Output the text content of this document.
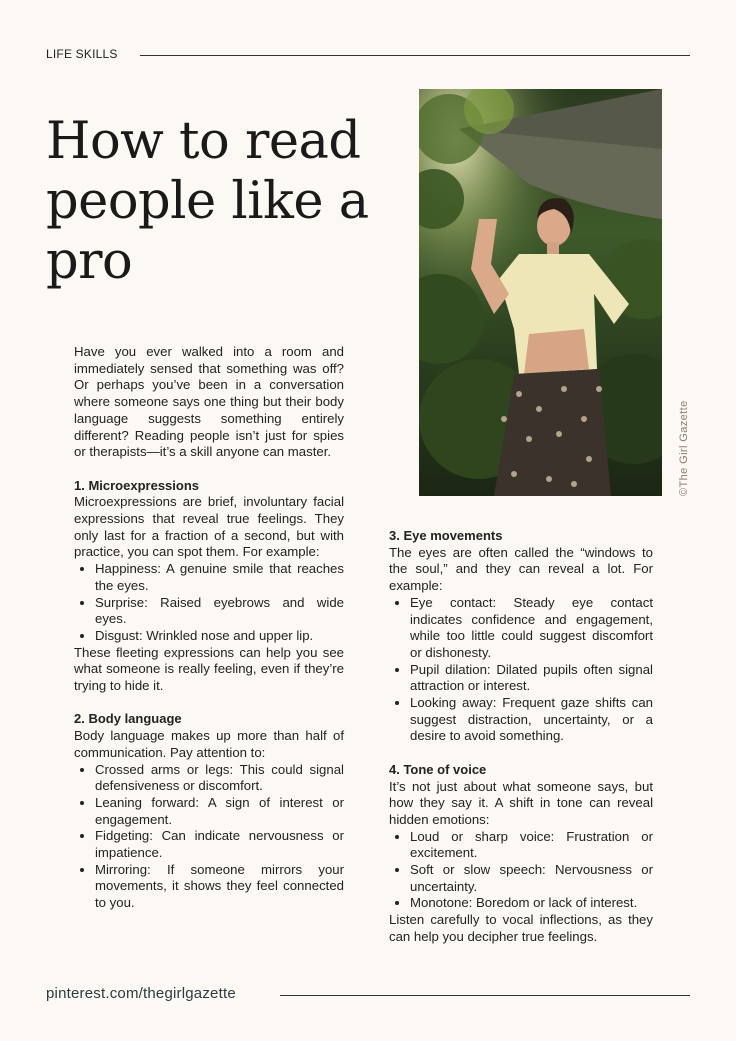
LIFE SKILLS
How to read people like a pro
©The Girl Gazette

Have you ever walked into a room and immediately sensed that something was off? Or perhaps you’ve been in a conversation where someone says one thing but their body language suggests something entirely different? Reading people isn’t just for spies or therapists—it’s a skill anyone can master.

1. Microexpressions

Microexpressions are brief, involuntary facial expressions that reveal true feelings. They only last for a fraction of a second, but with practice, you can spot them. For example:

• Happiness: A genuine smile that reaches the eyes.
• Surprise: Raised eyebrows and wide eyes.
• Disgust: Wrinkled nose and upper lip.

These fleeting expressions can help you see what someone is really feeling, even if they’re trying to hide it.

2. Body language

Body language makes up more than half of communication. Pay attention to:

• Crossed arms or legs: This could signal defensiveness or discomfort.
• Leaning forward: A sign of interest or engagement.
• Fidgeting: Can indicate nervousness or impatience.
• Mirroring: If someone mirrors your movements, it shows they feel connected to you.
3. Eye movements

The eyes are often called the “windows to the soul,” and they can reveal a lot. For example:

• Eye contact: Steady eye contact indicates confidence and engagement, while too little could suggest discomfort or dishonesty.
• Pupil dilation: Dilated pupils often signal attraction or interest.
• Looking away: Frequent gaze shifts can suggest distraction, uncertainty, or a desire to avoid something.
4. Tone of voice

It’s not just about what someone says, but how they say it. A shift in tone can reveal hidden emotions:

• Loud or sharp voice: Frustration or excitement.
• Soft or slow speech: Nervousness or uncertainty.
• Monotone: Boredom or lack of interest.

Listen carefully to vocal inflections, as they can help you decipher true feelings.

pinterest.com/thegirlgazette
